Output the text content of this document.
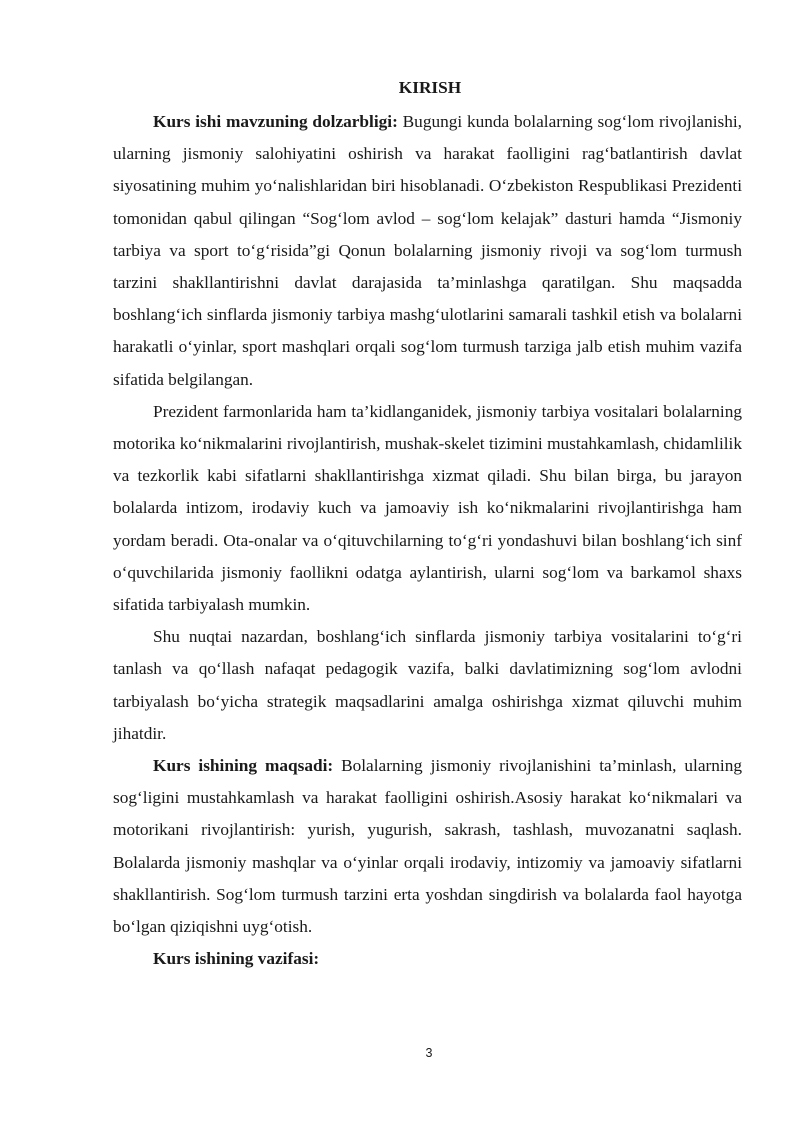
KIRISH

Kurs ishi mavzuning dolzarbligi: Bugungi kunda bolalarning sog‘lom rivojlanishi, ularning jismoniy salohiyatini oshirish va harakat faolligini rag‘batlantirish davlat siyosatining muhim yo‘nalishlaridan biri hisoblanadi. O‘zbekiston Respublikasi Prezidenti tomonidan qabul qilingan “Sog‘lom avlod – sog‘lom kelajak” dasturi hamda “Jismoniy tarbiya va sport to‘g‘risida”gi Qonun bolalarning jismoniy rivoji va sog‘lom turmush tarzini shakllantirishni davlat darajasida ta’minlashga qaratilgan. Shu maqsadda boshlang‘ich sinflarda jismoniy tarbiya mashg‘ulotlarini samarali tashkil etish va bolalarni harakatli o‘yinlar, sport mashqlari orqali sog‘lom turmush tarziga jalb etish muhim vazifa sifatida belgilangan.

Prezident farmonlarida ham ta’kidlanganidek, jismoniy tarbiya vositalari bolalarning motorika ko‘nikmalarini rivojlantirish, mushak-skelet tizimini mustahkamlash, chidamlilik va tezkorlik kabi sifatlarni shakllantirishga xizmat qiladi. Shu bilan birga, bu jarayon bolalarda intizom, irodaviy kuch va jamoaviy ish ko‘nikmalarini rivojlantirishga ham yordam beradi. Ota-onalar va o‘qituvchilarning to‘g‘ri yondashuvi bilan boshlang‘ich sinf o‘quvchilarida jismoniy faollikni odatga aylantirish, ularni sog‘lom va barkamol shaxs sifatida tarbiyalash mumkin.

Shu nuqtai nazardan, boshlang‘ich sinflarda jismoniy tarbiya vositalarini to‘g‘ri tanlash va qo‘llash nafaqat pedagogik vazifa, balki davlatimizning sog‘lom avlodni tarbiyalash bo‘yicha strategik maqsadlarini amalga oshirishga xizmat qiluvchi muhim jihatdir.

Kurs ishining maqsadi: Bolalarning jismoniy rivojlanishini ta’minlash, ularning sog‘ligini mustahkamlash va harakat faolligini oshirish.Asosiy harakat ko‘nikmalari va motorikani rivojlantirish: yurish, yugurish, sakrash, tashlash, muvozanatni saqlash. Bolalarda jismoniy mashqlar va o‘yinlar orqali irodaviy, intizomiy va jamoaviy sifatlarni shakllantirish. Sog‘lom turmush tarzini erta yoshdan singdirish va bolalarda faol hayotga bo‘lgan qiziqishni uyg‘otish.

Kurs ishining vazifasi:

3
